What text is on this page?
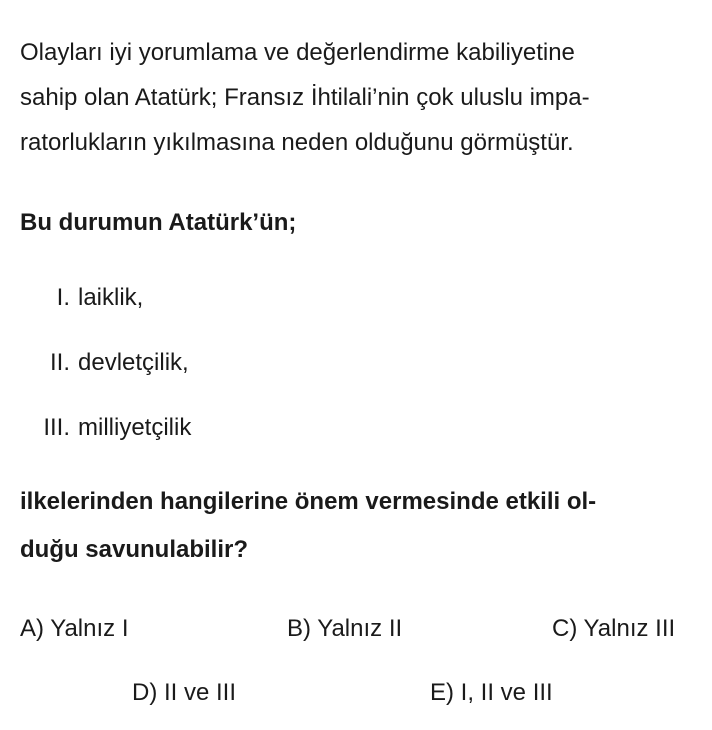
Olayları iyi yorumlama ve değerlendirme kabiliyetine
sahip olan Atatürk; Fransız İhtilali’nin çok uluslu impa-
ratorlukların yıkılmasına neden olduğunu görmüştür.

Bu durumun Atatürk’ün;

I. laiklik,
II. devletçilik,
III. milliyetçilik

ilkelerinden hangilerine önem vermesinde etkili ol-
duğu savunulabilir?

A) Yalnız I	B) Yalnız II	C) Yalnız III
D) II ve III	E) I, II ve III
